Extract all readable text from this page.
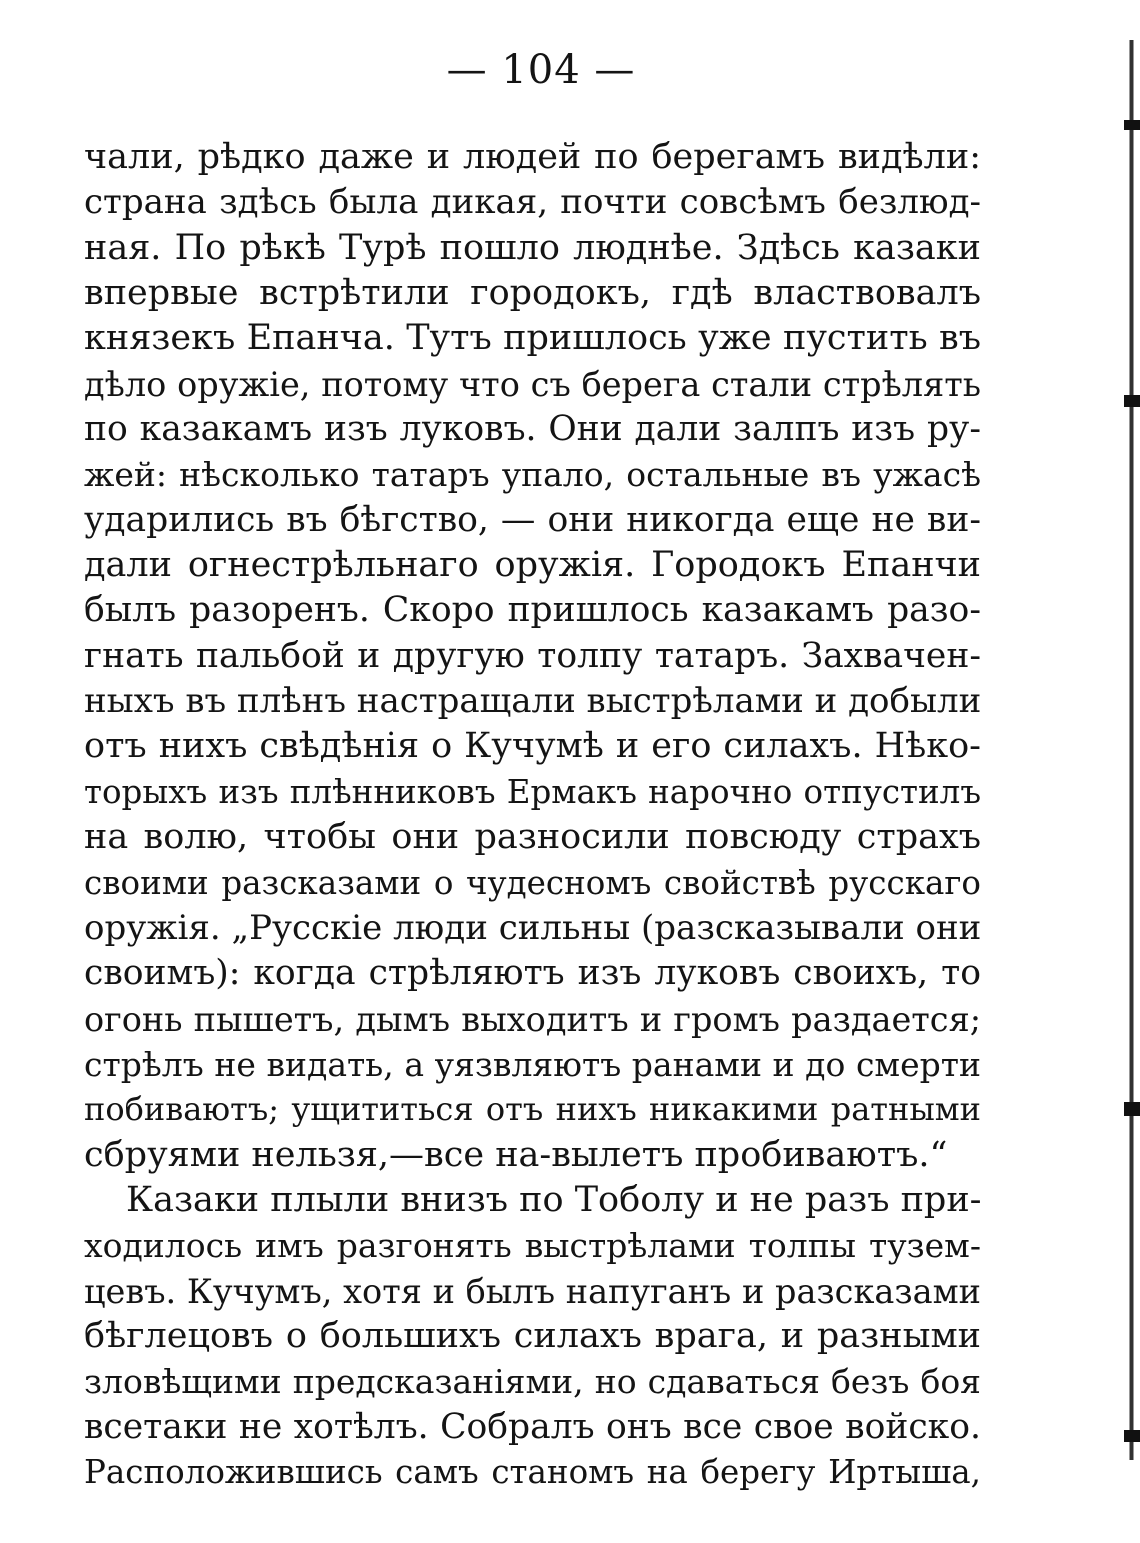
— 104 —
чали, рѣдко даже и людей по берегамъ видѣли:
страна здѣсь была дикая, почти совсѣмъ безлюд-
ная. По рѣкѣ Турѣ пошло люднѣе. Здѣсь казаки
впервые встрѣтили городокъ, гдѣ властвовалъ
князекъ Епанча. Тутъ пришлось уже пустить въ
дѣло оружіе, потому что съ берега стали стрѣлять
по казакамъ изъ луковъ. Они дали залпъ изъ ру-
жей: нѣсколько татаръ упало, остальные въ ужасѣ
ударились въ бѣгство, — они никогда еще не ви-
дали огнестрѣльнаго оружія. Городокъ Епанчи
былъ разоренъ. Скоро пришлось казакамъ разо-
гнать пальбой и другую толпу татаръ. Захвачен-
ныхъ въ плѣнъ настращали выстрѣлами и добыли
отъ нихъ свѣдѣнія о Кучумѣ и его силахъ. Нѣко-
торыхъ изъ плѣнниковъ Ермакъ нарочно отпустилъ
на волю, чтобы они разносили повсюду страхъ
своими разсказами о чудесномъ свойствѣ русскаго
оружія. „Русскіе люди сильны (разсказывали они
своимъ): когда стрѣляютъ изъ луковъ своихъ, то
огонь пышетъ, дымъ выходитъ и громъ раздается;
стрѣлъ не видать, а уязвляютъ ранами и до смерти
побиваютъ; ущититься отъ нихъ никакими ратными
сбруями нельзя,—все на-вылетъ пробиваютъ.“
Казаки плыли внизъ по Тоболу и не разъ при-
ходилось имъ разгонять выстрѣлами толпы тузем-
цевъ. Кучумъ, хотя и былъ напуганъ и разсказами
бѣглецовъ о большихъ силахъ врага, и разными
зловѣщими предсказаніями, но сдаваться безъ боя
всетаки не хотѣлъ. Собралъ онъ все свое войско.
Расположившись самъ станомъ на берегу Иртыша,
